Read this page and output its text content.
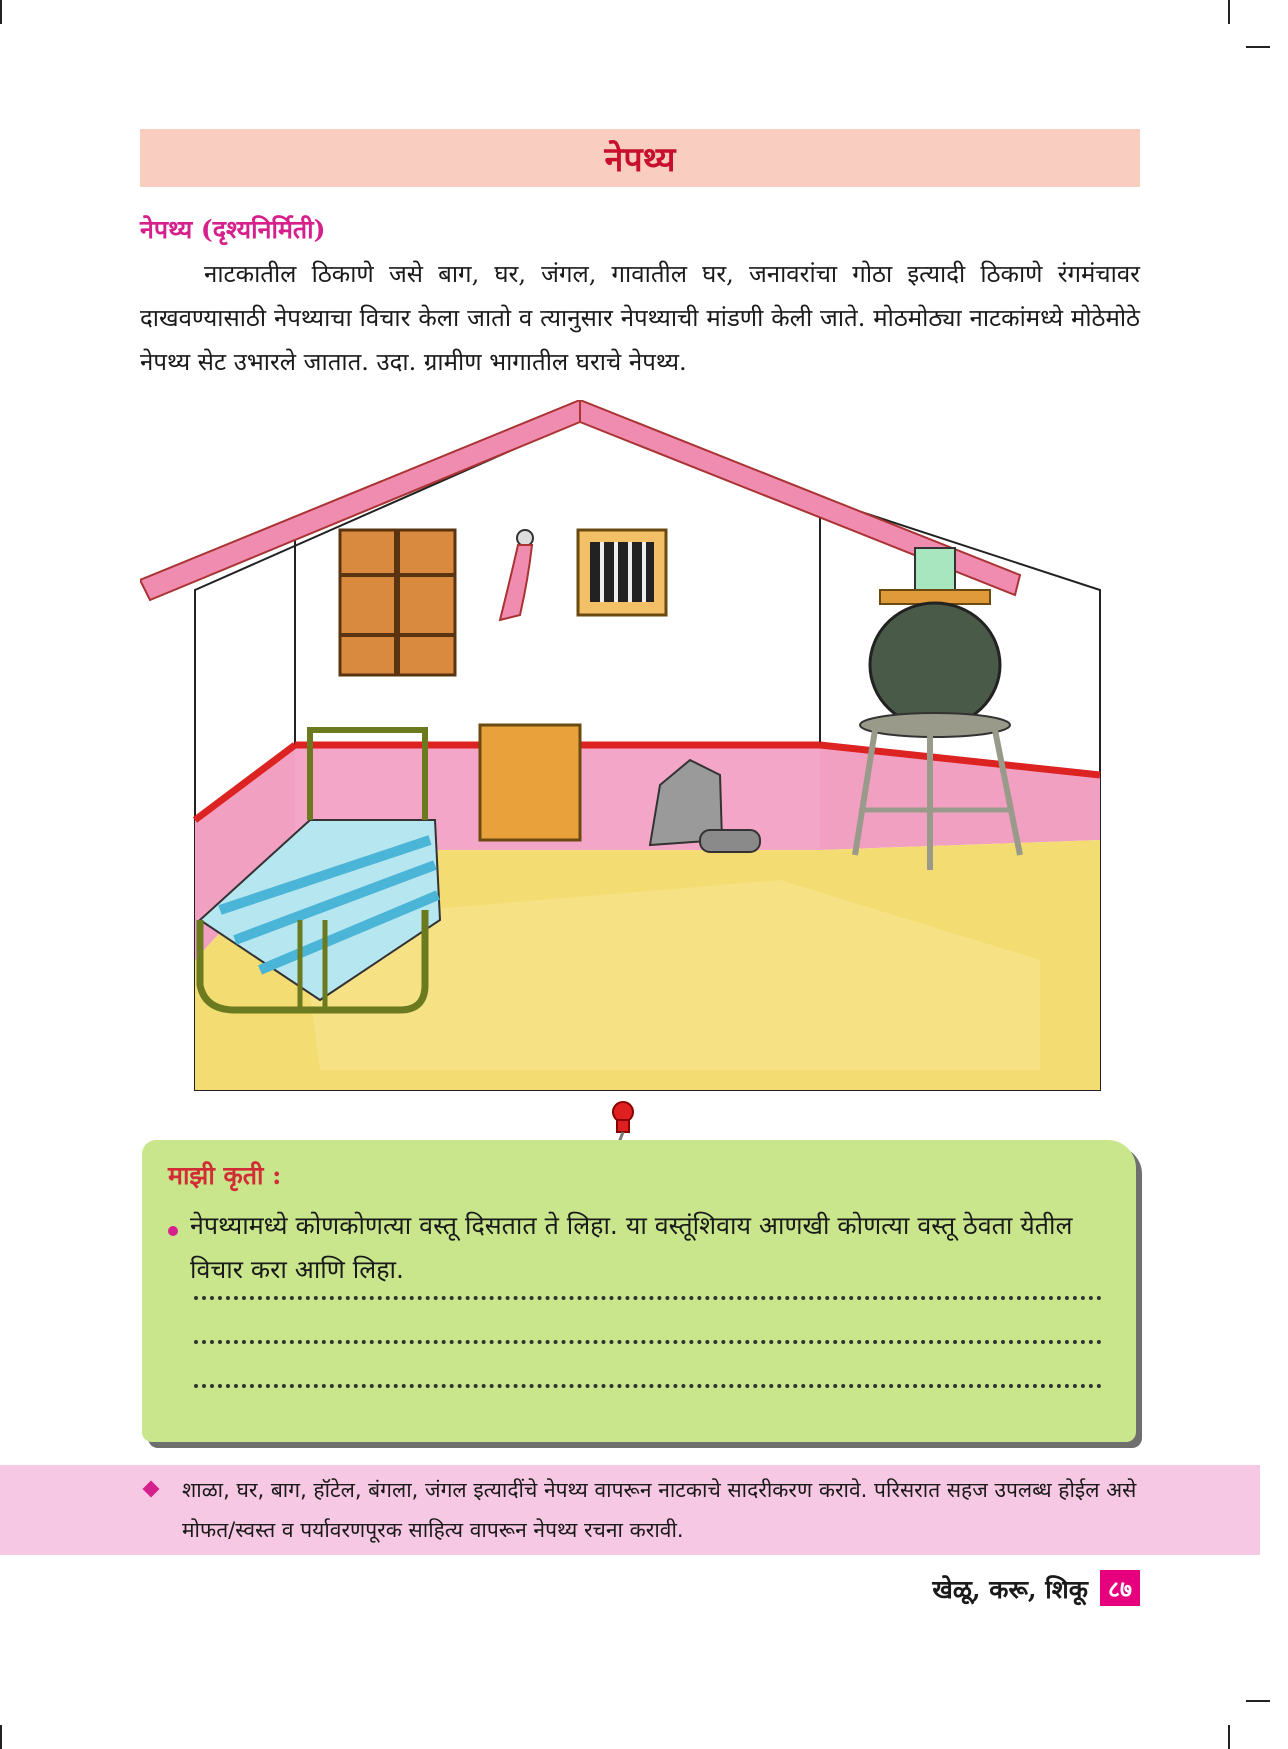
नेपथ्य
नेपथ्य (दृश्यनिर्मिती)
नाटकातील ठिकाणे जसे बाग, घर, जंगल, गावातील घर, जनावरांचा गोठा इत्यादी ठिकाणे रंगमंचावर दाखवण्यासाठी नेपथ्याचा विचार केला जातो व त्यानुसार नेपथ्याची मांडणी केली जाते. मोठमोठ्या नाटकांमध्ये मोठेमोठे नेपथ्य सेट उभारले जातात. उदा. ग्रामीण भागातील घराचे नेपथ्य.
माझी कृती :
नेपथ्यामध्ये कोणकोणत्या वस्तू दिसतात ते लिहा. या वस्तूंशिवाय आणखी कोणत्या वस्तू ठेवता येतील विचार करा आणि लिहा.
शाळा, घर, बाग, हॉटेल, बंगला, जंगल इत्यादींचे नेपथ्य वापरून नाटकाचे सादरीकरण करावे. परिसरात सहज उपलब्ध होईल असे मोफत/स्वस्त व पर्यावरणपूरक साहित्य वापरून नेपथ्य रचना करावी.
खेळू, करू, शिकू ८७
